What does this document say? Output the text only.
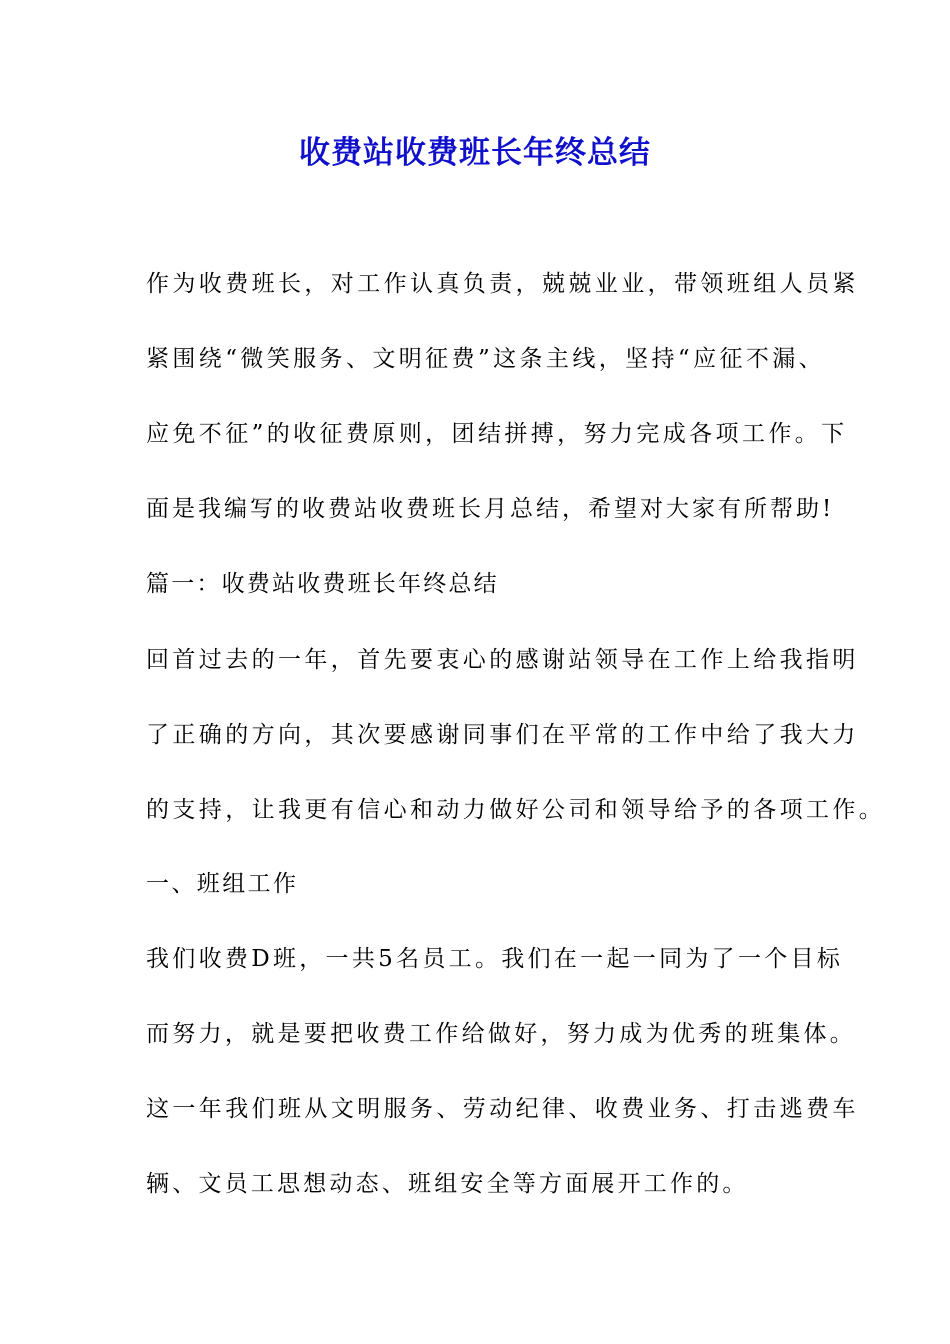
收费站收费班长年终总结
作为收费班长，对工作认真负责，兢兢业业，带领班组人员紧
紧围绕“微笑服务、文明征费”这条主线，坚持“应征不漏、
应免不征”的收征费原则，团结拼搏，努力完成各项工作。下
面是我编写的收费站收费班长月总结，希望对大家有所帮助!
篇一：收费站收费班长年终总结
回首过去的一年，首先要衷心的感谢站领导在工作上给我指明
了正确的方向，其次要感谢同事们在平常的工作中给了我大力
的支持，让我更有信心和动力做好公司和领导给予的各项工作。
一、班组工作
我们收费D班，一共5名员工。我们在一起一同为了一个目标
而努力，就是要把收费工作给做好，努力成为优秀的班集体。
这一年我们班从文明服务、劳动纪律、收费业务、打击逃费车
辆、文员工思想动态、班组安全等方面展开工作的。
